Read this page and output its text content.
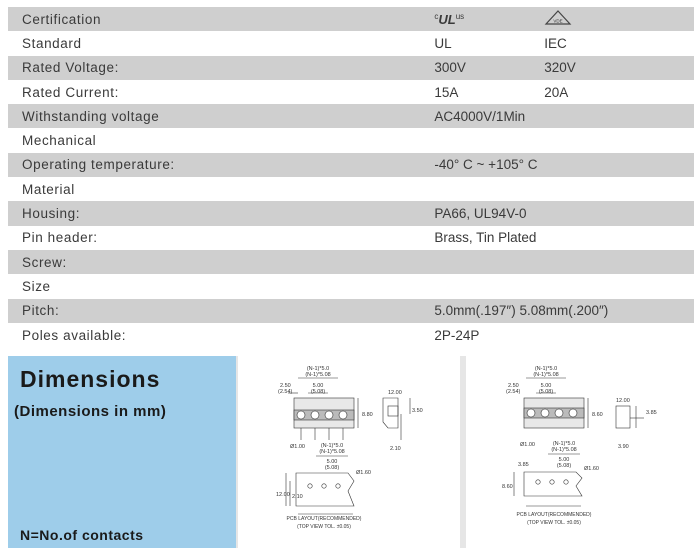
Certification	$^cUL^{us}$	VDE
Standard	UL	IEC
Rated Voltage:	300V	320V
Rated Current:	15A	20A
Withstanding voltage	AC4000V/1Min
Mechanical
Operating temperature:	-40° C ~ +105° C
Material
Housing:	PA66, UL94V-0
Pin header:	Brass, Tin Plated
Screw:
Size
Pitch:	5.0mm(.197″) 5.08mm(.200″)
Poles available:	2P-24P
Dimensions
(Dimensions in mm)
N=No.of contacts
(N-1)*5.0
(N-1)*5.08
5.00
(5.08)
2.50
(2.54)
8.80
12.00
3.50
2.10
Ø1.00	(N-1)*5.0
(N-1)*5.08
5.00
(5.08)
12.00 2.10
Ø1.60
PCB LAYOUT(RECOMMENDED)
(TOP VIEW TOL. ±0.05)
(N-1)*5.0
(N-1)*5.08
5.00
(5.08)
2.50
(2.54)
8.60
12.00
3.85
3.90
Ø1.00	(N-1)*5.0
(N-1)*5.08
5.00
(5.08)
8.60
3.85
Ø1.60
PCB LAYOUT(RECOMMENDED)
(TOP VIEW TOL. ±0.05)
